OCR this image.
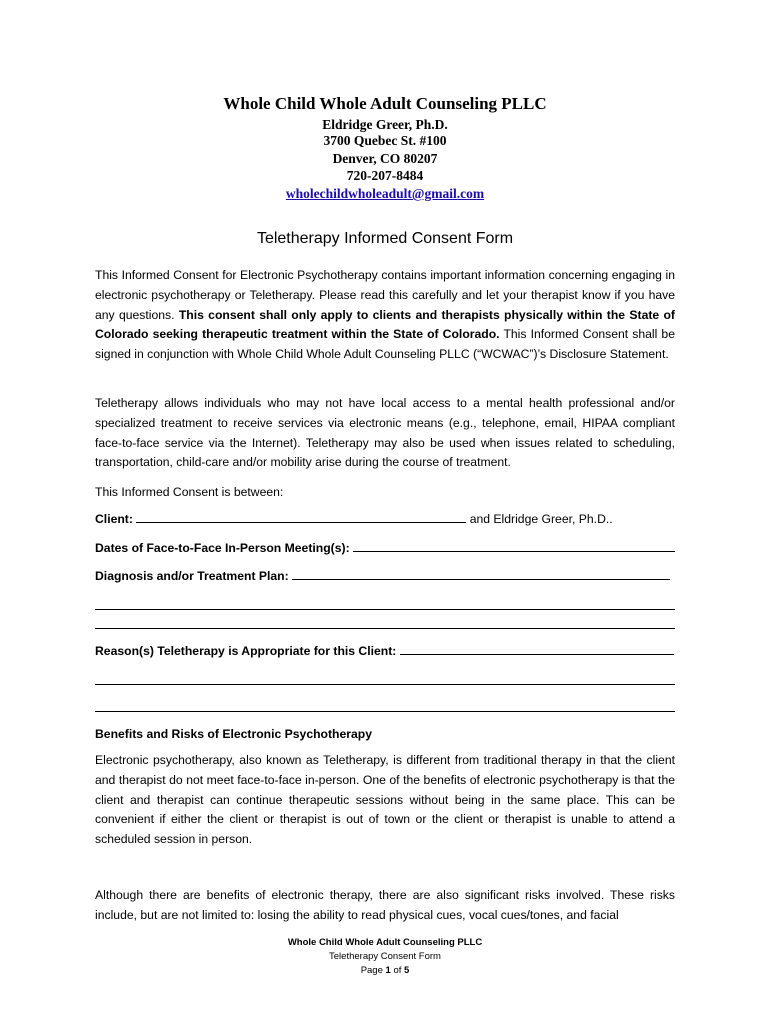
Whole Child Whole Adult Counseling PLLC
Eldridge Greer, Ph.D.
3700 Quebec St. #100
Denver, CO 80207
720-207-8484
wholechildwholeadult@gmail.com
Teletherapy Informed Consent Form
This Informed Consent for Electronic Psychotherapy contains important information concerning engaging in electronic psychotherapy or Teletherapy. Please read this carefully and let your therapist know if you have any questions. This consent shall only apply to clients and therapists physically within the State of Colorado seeking therapeutic treatment within the State of Colorado. This Informed Consent shall be signed in conjunction with Whole Child Whole Adult Counseling PLLC (“WCWAC”)’s Disclosure Statement.
Teletherapy allows individuals who may not have local access to a mental health professional and/or specialized treatment to receive services via electronic means (e.g., telephone, email, HIPAA compliant face-to-face service via the Internet). Teletherapy may also be used when issues related to scheduling, transportation, child-care and/or mobility arise during the course of treatment.
This Informed Consent is between:
Client:	and Eldridge Greer, Ph.D..
Dates of Face-to-Face In-Person Meeting(s):
Diagnosis and/or Treatment Plan:
Reason(s) Teletherapy is Appropriate for this Client:
Benefits and Risks of Electronic Psychotherapy
Electronic psychotherapy, also known as Teletherapy, is different from traditional therapy in that the client and therapist do not meet face-to-face in-person. One of the benefits of electronic psychotherapy is that the client and therapist can continue therapeutic sessions without being in the same place. This can be convenient if either the client or therapist is out of town or the client or therapist is unable to attend a scheduled session in person.
Although there are benefits of electronic therapy, there are also significant risks involved. These risks include, but are not limited to: losing the ability to read physical cues, vocal cues/tones, and facial
Whole Child Whole Adult Counseling PLLC
Teletherapy Consent Form
Page 1 of 5
